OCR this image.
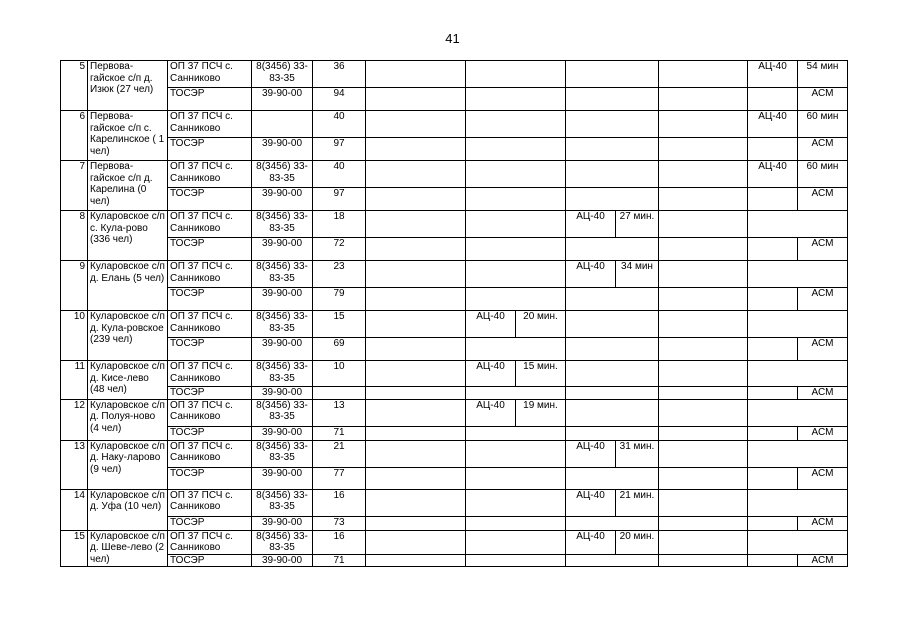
41
5	Первова-гайское с/п д. Изюк (27 чел)	ОП 37 ПСЧ с. Санниково	8(3456) 33-83-35	36							АЦ-40	54 мин
		ТОСЭР	39-90-00	94								АСМ
6	Первова-гайское с/п с. Карелинское ( 1 чел)	ОП 37 ПСЧ с. Санниково		40							АЦ-40	60 мин
		ТОСЭР	39-90-00	97								АСМ
7	Первова-гайское с/п д. Карелина (0 чел)	ОП 37 ПСЧ с. Санниково	8(3456) 33-83-35	40							АЦ-40	60 мин
		ТОСЭР	39-90-00	97								АСМ
8	Куларовское с/п с. Кула-рово (336 чел)	ОП 37 ПСЧ с. Санниково	8(3456) 33-83-35	18				АЦ-40	27 мин.			
		ТОСЭР	39-90-00	72								АСМ
9	Куларовское с/п д. Елань (5 чел)	ОП 37 ПСЧ с. Санниково	8(3456) 33-83-35	23				АЦ-40	34 мин			
		ТОСЭР	39-90-00	79								АСМ
10	Куларовское с/п д. Кула-ровское (239 чел)	ОП 37 ПСЧ с. Санниково	8(3456) 33-83-35	15		АЦ-40	20 мин.					
		ТОСЭР	39-90-00	69								АСМ
11	Куларовское с/п д. Кисе-лево (48 чел)	ОП 37 ПСЧ с. Санниково	8(3456) 33-83-35	10		АЦ-40	15 мин.					
		ТОСЭР	39-90-00									АСМ
12	Куларовское с/п д. Полуя-ново (4 чел)	ОП 37 ПСЧ с. Санниково	8(3456) 33-83-35	13		АЦ-40	19 мин.					
		ТОСЭР	39-90-00	71								АСМ
13	Куларовское с/п д. Наку-ларово (9 чел)	ОП 37 ПСЧ с. Санниково	8(3456) 33-83-35	21				АЦ-40	31 мин.			
		ТОСЭР	39-90-00	77								АСМ
14	Куларовское с/п д. Уфа (10 чел)	ОП 37 ПСЧ с. Санниково	8(3456) 33-83-35	16				АЦ-40	21 мин.			
		ТОСЭР	39-90-00	73								АСМ
15	Куларовское с/п д. Шеве-лево (2 чел)	ОП 37 ПСЧ с. Санниково	8(3456) 33-83-35	16				АЦ-40	20 мин.			
		ТОСЭР	39-90-00	71								АСМ
